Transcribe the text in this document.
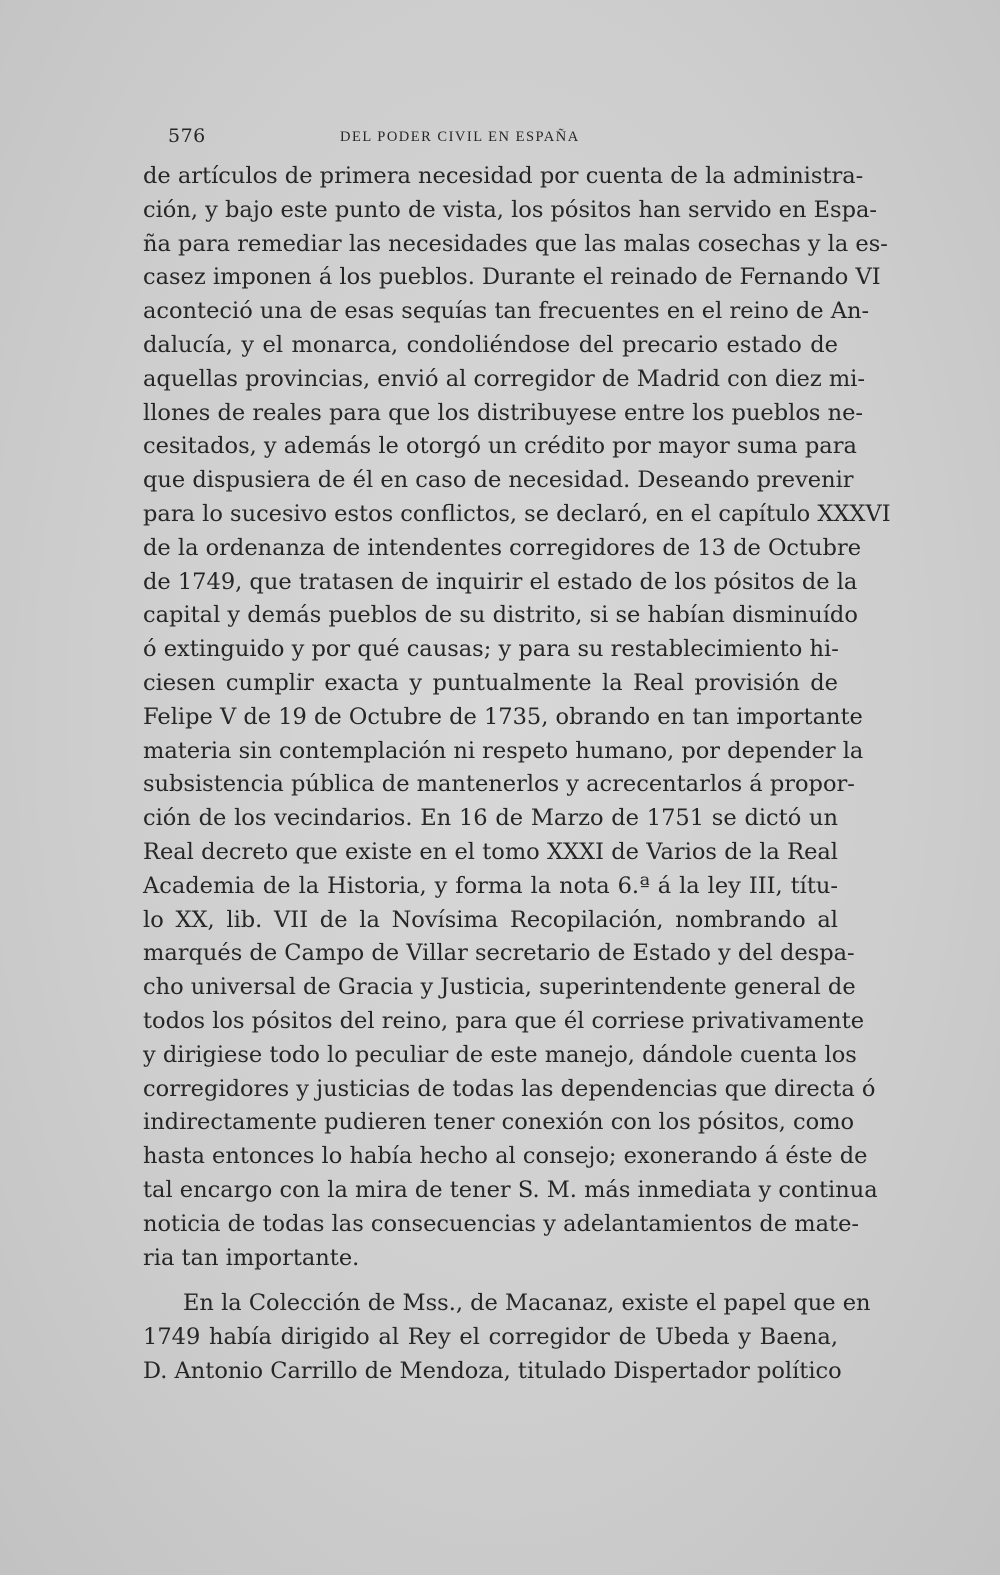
576	DEL PODER CIVIL EN ESPAÑA
de artículos de primera necesidad por cuenta de la administra-
ción, y bajo este punto de vista, los pósitos han servido en Espa-
ña para remediar las necesidades que las malas cosechas y la es-
casez imponen á los pueblos. Durante el reinado de Fernando VI
aconteció una de esas sequías tan frecuentes en el reino de An-
dalucía, y el monarca, condoliéndose del precario estado de
aquellas provincias, envió al corregidor de Madrid con diez mi-
llones de reales para que los distribuyese entre los pueblos ne-
cesitados, y además le otorgó un crédito por mayor suma para
que dispusiera de él en caso de necesidad. Deseando prevenir
para lo sucesivo estos conflictos, se declaró, en el capítulo XXXVI
de la ordenanza de intendentes corregidores de 13 de Octubre
de 1749, que tratasen de inquirir el estado de los pósitos de la
capital y demás pueblos de su distrito, si se habían disminuído
ó extinguido y por qué causas; y para su restablecimiento hi-
ciesen cumplir exacta y puntualmente la Real provisión de
Felipe V de 19 de Octubre de 1735, obrando en tan importante
materia sin contemplación ni respeto humano, por depender la
subsistencia pública de mantenerlos y acrecentarlos á propor-
ción de los vecindarios. En 16 de Marzo de 1751 se dictó un
Real decreto que existe en el tomo XXXI de Varios de la Real
Academia de la Historia, y forma la nota 6.ª á la ley III, títu-
lo XX, lib. VII de la Novísima Recopilación, nombrando al
marqués de Campo de Villar secretario de Estado y del despa-
cho universal de Gracia y Justicia, superintendente general de
todos los pósitos del reino, para que él corriese privativamente
y dirigiese todo lo peculiar de este manejo, dándole cuenta los
corregidores y justicias de todas las dependencias que directa ó
indirectamente pudieren tener conexión con los pósitos, como
hasta entonces lo había hecho al consejo; exonerando á éste de
tal encargo con la mira de tener S. M. más inmediata y continua
noticia de todas las consecuencias y adelantamientos de mate-
ria tan importante.
En la Colección de Mss., de Macanaz, existe el papel que en
1749 había dirigido al Rey el corregidor de Ubeda y Baena,
D. Antonio Carrillo de Mendoza, titulado Dispertador político
